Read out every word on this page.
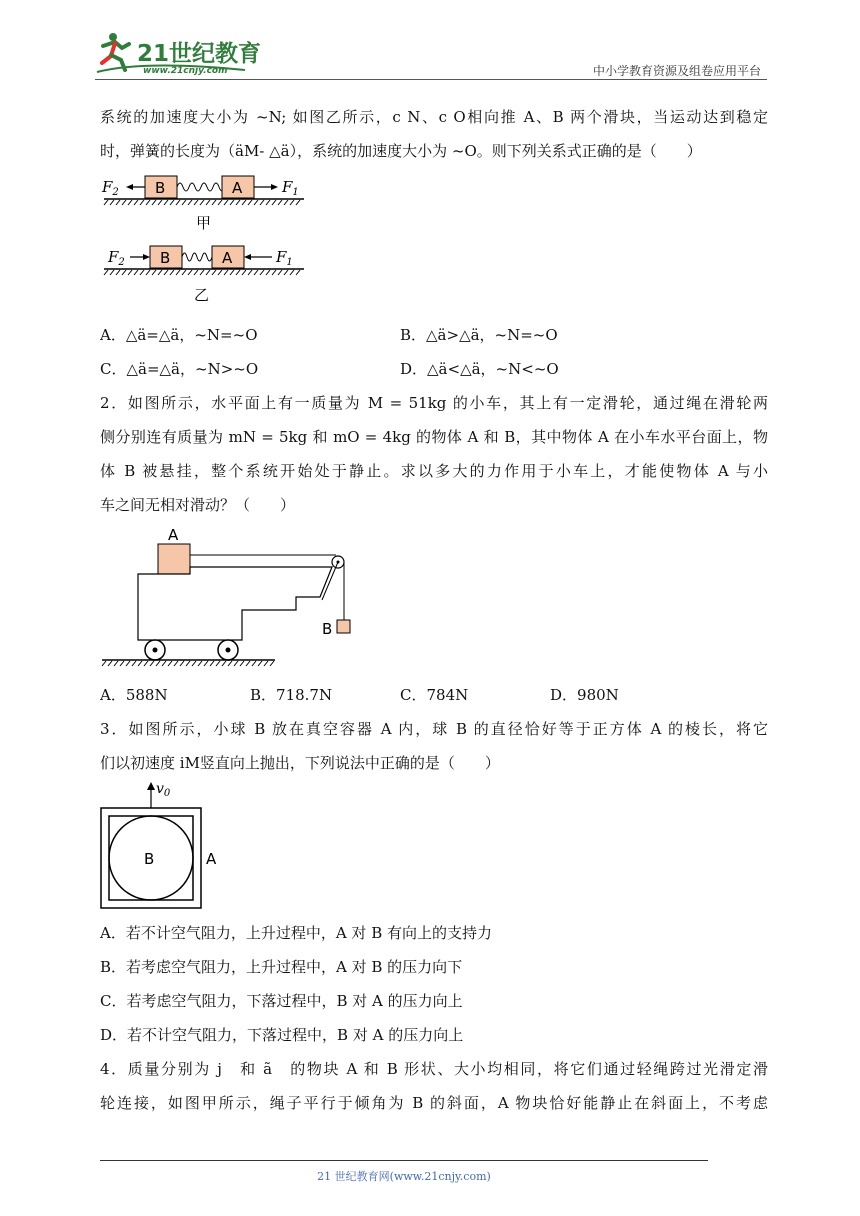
21世纪教育
www.21cnjy.com	中小学教育资源及组卷应用平台
系统的加速度大小为 ~N; 如图乙所示，c N、c O相向推 A、B 两个滑块，当运动达到稳定
时，弹簧的长度为（äM- △ä），系统的加速度大小为 ~O。则下列关系式正确的是（　　）
$F_2$ B	A	$F_1$
甲
$F_2$ B	A	$F_1$
乙
A．△ä=△ä，~N=~O	B．△ä>△ä，~N=~O
C．△ä=△ä，~N>~O	D．△ä<△ä，~N<~O
2．如图所示，水平面上有一质量为 M = 51kg 的小车，其上有一定滑轮，通过绳在滑轮两
侧分别连有质量为 mN = 5kg 和 mO = 4kg 的物体 A 和 B，其中物体 A 在小车水平台面上，物
体 B 被悬挂，整个系统开始处于静止。求以多大的力作用于小车上，才能使物体 A 与小
车之间无相对滑动？（　　）
A
B
A．588N	B．718.7N	C．784N	D．980N
3．如图所示，小球 B 放在真空容器 A 内，球 B 的直径恰好等于正方体 A 的棱长，将它
们以初速度 iM竖直向上抛出，下列说法中正确的是（　　）
$v_0$
B	A
A．若不计空气阻力，上升过程中，A 对 B 有向上的支持力
B．若考虑空气阻力，上升过程中，A 对 B 的压力向下
C．若考虑空气阻力，下落过程中，B 对 A 的压力向上
D．若不计空气阻力，下落过程中，B 对 A 的压力向上
4．质量分别为 j　和 ã　的物块 A 和 B 形状、大小均相同，将它们通过轻绳跨过光滑定滑
轮连接，如图甲所示，绳子平行于倾角为 B 的斜面，A 物块恰好能静止在斜面上，不考虑
21 世纪教育网(www.21cnjy.com)
